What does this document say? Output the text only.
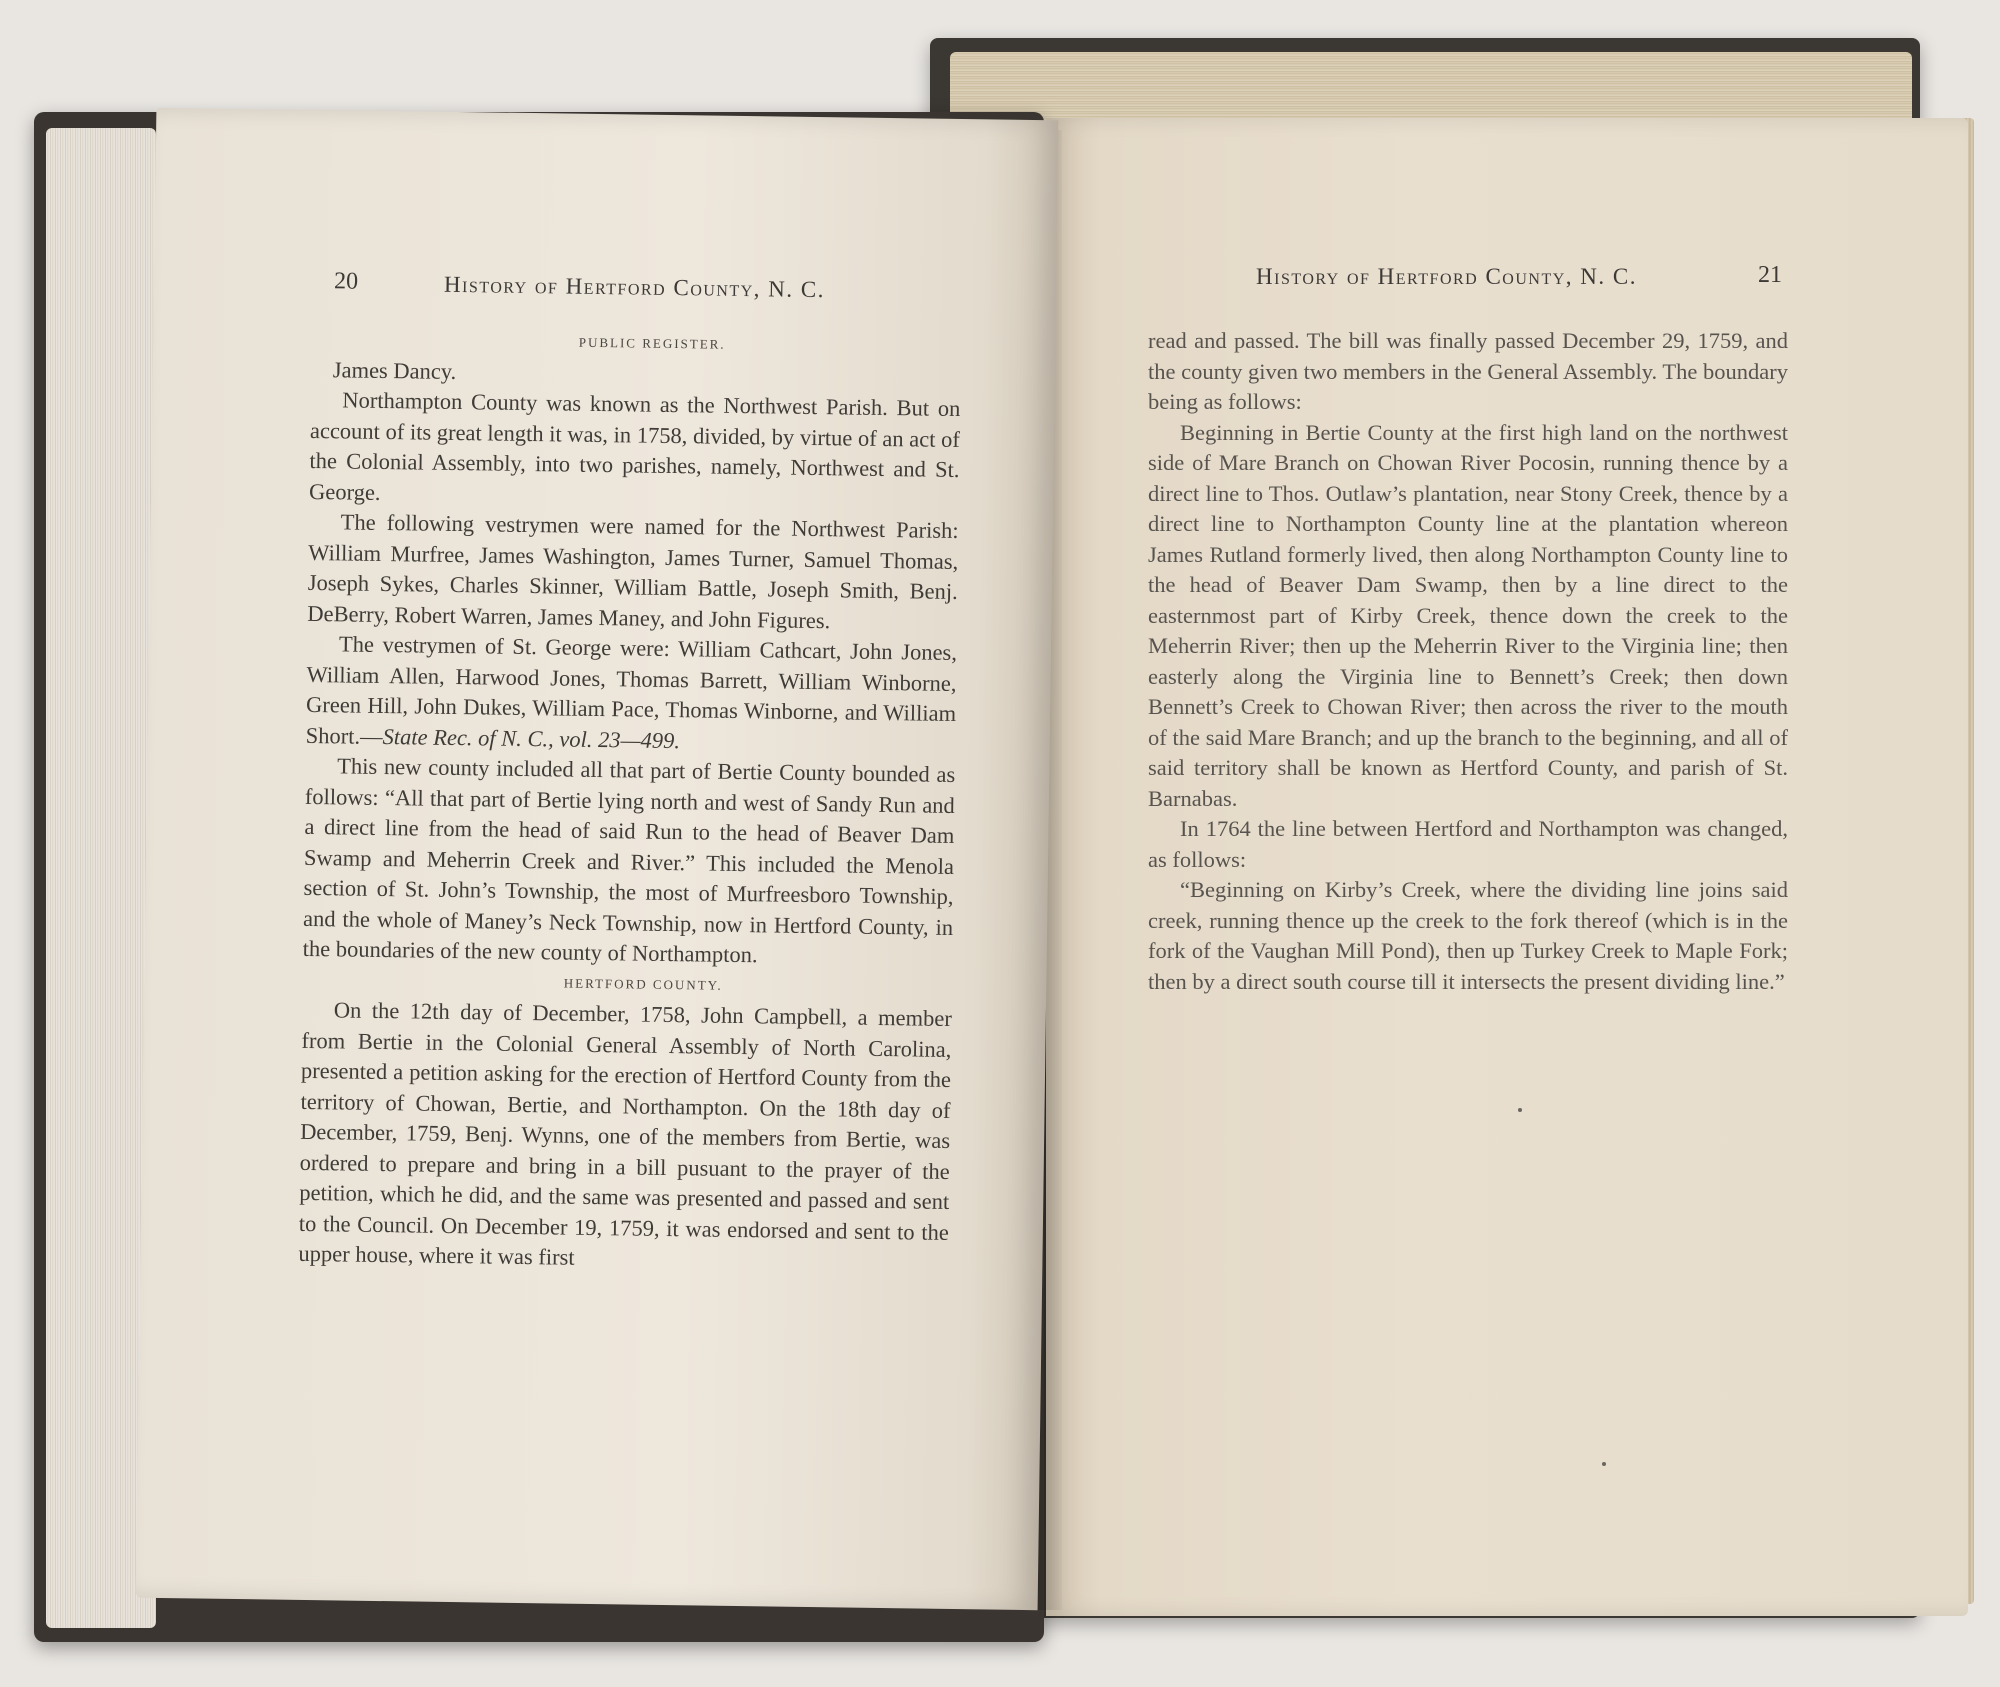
History of Hertford County, N. C.	21

read and passed. The bill was finally passed December 29, 1759, and the county given two members in the General Assembly. The boundary being as follows:

Beginning in Bertie County at the first high land on the northwest side of Mare Branch on Chowan River Pocosin, running thence by a direct line to Thos. Outlaw’s plantation, near Stony Creek, thence by a direct line to Northampton County line at the plantation whereon James Rutland formerly lived, then along Northampton County line to the head of Beaver Dam Swamp, then by a line direct to the easternmost part of Kirby Creek, thence down the creek to the Meherrin River; then up the Meherrin River to the Virginia line; then easterly along the Virginia line to Bennett’s Creek; then down Bennett’s Creek to Chowan River; then across the river to the mouth of the said Mare Branch; and up the branch to the beginning, and all of said territory shall be known as Hertford County, and parish of St. Barnabas.

In 1764 the line between Hertford and Northampton was changed, as follows:

“Beginning on Kirby’s Creek, where the dividing line joins said creek, running thence up the creek to the fork thereof (which is in the fork of the Vaughan Mill Pond), then up Turkey Creek to Maple Fork; then by a direct south course till it intersects the present dividing line.”

20	History of Hertford County, N. C.

PUBLIC REGISTER.

James Dancy.

Northampton County was known as the Northwest Parish. But on account of its great length it was, in 1758, divided, by virtue of an act of the Colonial Assembly, into two parishes, namely, Northwest and St. George.

The following vestrymen were named for the Northwest Parish: William Murfree, James Washington, James Turner, Samuel Thomas, Joseph Sykes, Charles Skinner, William Battle, Joseph Smith, Benj. DeBerry, Robert Warren, James Maney, and John Figures.

The vestrymen of St. George were: William Cathcart, John Jones, William Allen, Harwood Jones, Thomas Barrett, William Winborne, Green Hill, John Dukes, William Pace, Thomas Winborne, and William Short.—State Rec. of N. C., vol. 23—499.

This new county included all that part of Bertie County bounded as follows: “All that part of Bertie lying north and west of Sandy Run and a direct line from the head of said Run to the head of Beaver Dam Swamp and Meherrin Creek and River.” This included the Menola section of St. John’s Township, the most of Murfreesboro Township, and the whole of Maney’s Neck Township, now in Hertford County, in the boundaries of the new county of Northampton.

HERTFORD COUNTY.

On the 12th day of December, 1758, John Campbell, a member from Bertie in the Colonial General Assembly of North Carolina, presented a petition asking for the erection of Hertford County from the territory of Chowan, Bertie, and Northampton. On the 18th day of December, 1759, Benj. Wynns, one of the members from Bertie, was ordered to prepare and bring in a bill pusuant to the prayer of the petition, which he did, and the same was presented and passed and sent to the Council. On December 19, 1759, it was endorsed and sent to the upper house, where it was first
